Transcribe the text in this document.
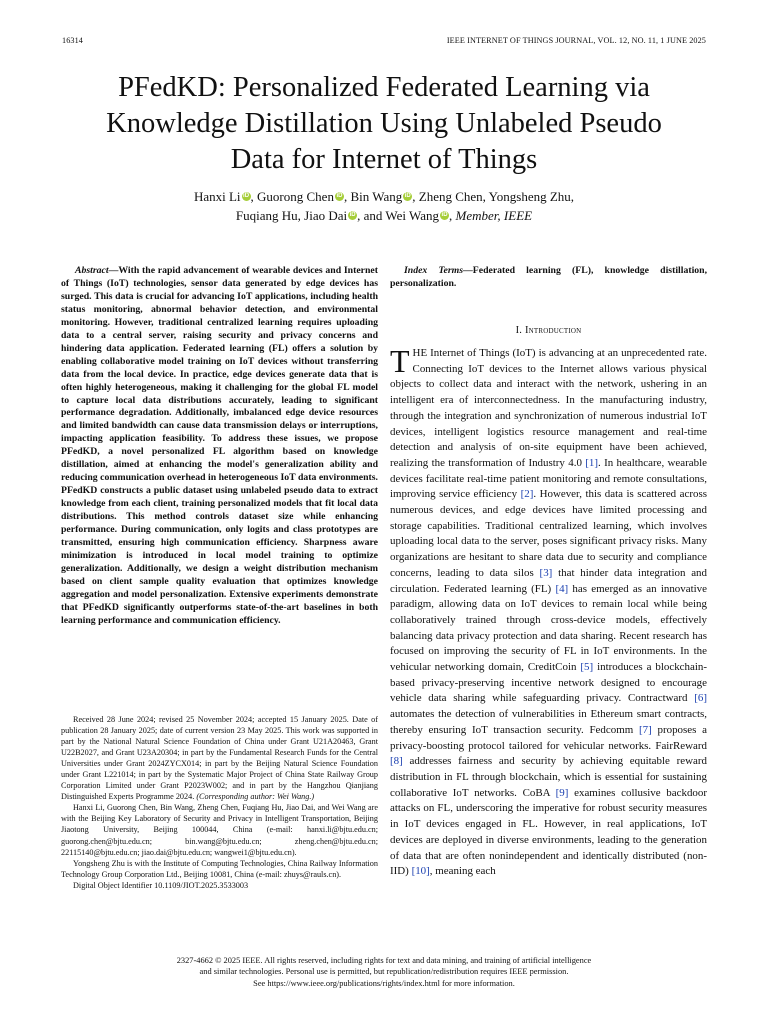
16314	IEEE INTERNET OF THINGS JOURNAL, VOL. 12, NO. 11, 1 JUNE 2025
PFedKD: Personalized Federated Learning via
Knowledge Distillation Using Unlabeled Pseudo
Data for Internet of Things
Hanxi Li iD , Guorong Chen iD , Bin Wang iD , Zheng Chen, Yongsheng Zhu,
Fuqiang Hu, Jiao Dai iD , and Wei Wang iD , Member, IEEE
Abstract—With the rapid advancement of wearable devices and Internet of Things (IoT) technologies, sensor data generated by edge devices has surged. This data is crucial for advancing IoT applications, including health status monitoring, abnormal behavior detection, and environmental monitoring. However, traditional centralized learning requires uploading data to a central server, raising security and privacy concerns and hindering data application. Federated learning (FL) offers a solution by enabling collaborative model training on IoT devices without transferring data from the local device. In practice, edge devices generate data that is often highly heterogeneous, making it challenging for the global FL model to capture local data distributions accurately, leading to significant performance degradation. Additionally, imbalanced edge device resources and limited bandwidth can cause data transmission delays or interruptions, impacting application feasibility. To address these issues, we propose PFedKD, a novel personalized FL algorithm based on knowledge distillation, aimed at enhancing the model's generalization ability and reducing communication overhead in heterogeneous IoT data environments. PFedKD constructs a public dataset using unlabeled pseudo data to extract knowledge from each client, training personalized models that fit local data distributions. This method controls dataset size while enhancing performance. During communication, only logits and class prototypes are transmitted, ensuring high communication efficiency. Sharpness aware minimization is introduced in local model training to optimize generalization. Additionally, we design a weight distribution mechanism based on client sample quality evaluation that optimizes knowledge aggregation and model personalization. Extensive experiments demonstrate that PFedKD significantly outperforms state-of-the-art baselines in both learning performance and communication efficiency.

Received 28 June 2024; revised 25 November 2024; accepted 15 January 2025. Date of publication 28 January 2025; date of current version 23 May 2025. This work was supported in part by the National Natural Science Foundation of China under Grant U21A20463, Grant U22B2027, and Grant U23A20304; in part by the Fundamental Research Funds for the Central Universities under Grant 2024ZYCX014; in part by the Beijing Natural Science Foundation under Grant L221014; in part by the Systematic Major Project of China State Railway Group Corporation Limited under Grant P2023W002; and in part by the Hangzhou Qianjiang Distinguished Experts Programme 2024. (Corresponding author: Wei Wang.)

Hanxi Li, Guorong Chen, Bin Wang, Zheng Chen, Fuqiang Hu, Jiao Dai, and Wei Wang are with the Beijing Key Laboratory of Security and Privacy in Intelligent Transportation, Beijing Jiaotong University, Beijing 100044, China (e-mail: hanxi.li@bjtu.edu.cn; guorong.chen@bjtu.edu.cn; bin.wang@bjtu.edu.cn; zheng.chen@bjtu.edu.cn; 22115140@bjtu.edu.cn; jiao.dai@bjtu.edu.cn; wangwei1@bjtu.edu.cn).

Yongsheng Zhu is with the Institute of Computing Technologies, China Railway Information Technology Group Corporation Ltd., Beijing 10081, China (e-mail: zhuys@rauls.cn).

Digital Object Identifier 10.1109/JIOT.2025.3533003

Index Terms—Federated learning (FL), knowledge distillation, personalization.
I. Introduction
THE Internet of Things (IoT) is advancing at an unprecedented rate. Connecting IoT devices to the Internet allows various physical objects to collect data and interact with the network, ushering in an intelligent era of interconnectedness. In the manufacturing industry, through the integration and synchronization of numerous industrial IoT devices, intelligent logistics resource management and real-time detection and analysis of on-site equipment have been achieved, realizing the transformation of Industry 4.0 [1]. In healthcare, wearable devices facilitate real-time patient monitoring and remote consultations, improving service efficiency [2]. However, this data is scattered across numerous devices, and edge devices have limited processing and storage capabilities. Traditional centralized learning, which involves uploading local data to the server, poses significant privacy risks. Many organizations are hesitant to share data due to security and compliance concerns, leading to data silos [3] that hinder data integration and circulation. Federated learning (FL) [4] has emerged as an innovative paradigm, allowing data on IoT devices to remain local while being collaboratively trained through cross-device models, effectively balancing data privacy protection and data sharing. Recent research has focused on improving the security of FL in IoT environments. In the vehicular networking domain, CreditCoin [5] introduces a blockchain-based privacy-preserving incentive network designed to encourage vehicle data sharing while safeguarding privacy. Contractward [6] automates the detection of vulnerabilities in Ethereum smart contracts, thereby ensuring IoT transaction security. Fedcomm [7] proposes a privacy-boosting protocol tailored for vehicular networks. FairReward [8] addresses fairness and security by achieving equitable reward distribution in FL through blockchain, which is essential for sustaining collaborative IoT networks. CoBA [9] examines collusive backdoor attacks on FL, underscoring the imperative for robust security measures in IoT devices engaged in FL. However, in real applications, IoT devices are deployed in diverse environments, leading to the generation of data that are often nonindependent and identically distributed (non-IID) [10], meaning each
2327-4662 © 2025 IEEE. All rights reserved, including rights for text and data mining, and training of artificial intelligence
and similar technologies. Personal use is permitted, but republication/redistribution requires IEEE permission.
See https://www.ieee.org/publications/rights/index.html for more information.
